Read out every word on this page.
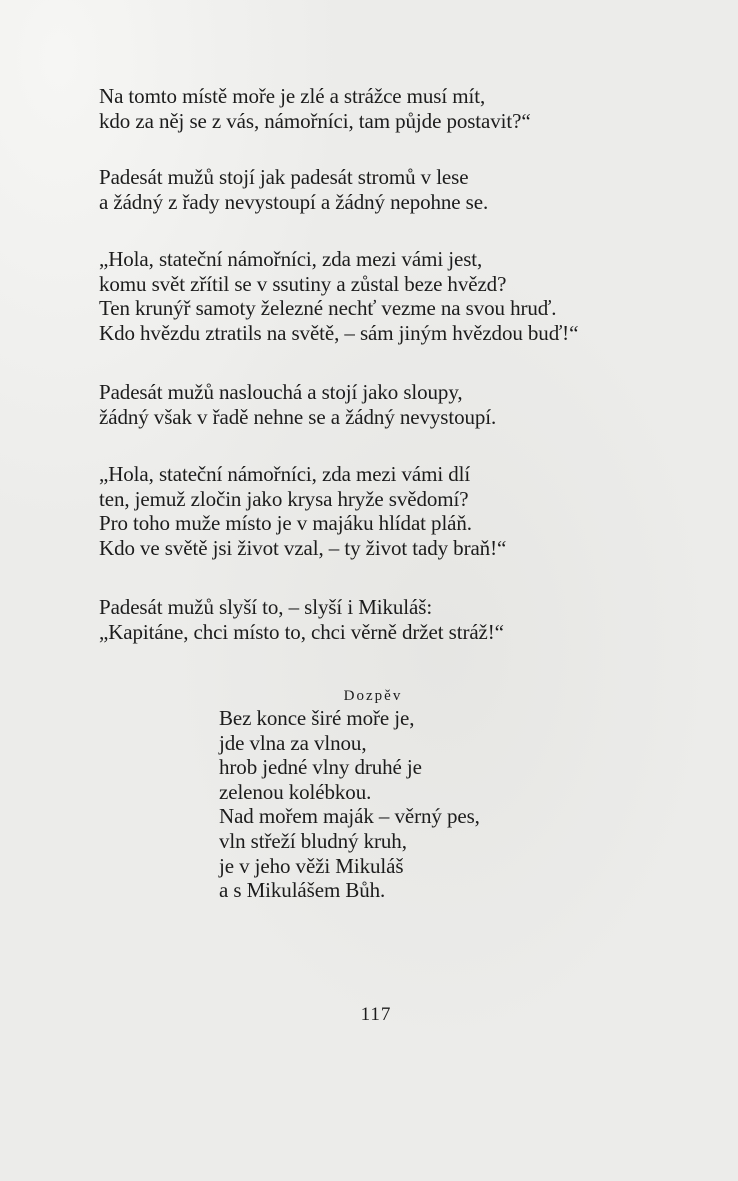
Na tomto místě moře je zlé a strážce musí mít,
kdo za něj se z vás, námořníci, tam půjde postavit?“
Padesát mužů stojí jak padesát stromů v lese
a žádný z řady nevystoupí a žádný nepohne se.
„Hola, stateční námořníci, zda mezi vámi jest,
komu svět zřítil se v ssutiny a zůstal beze hvězd?
Ten krunýř samoty železné nechť vezme na svou hruď.
Kdo hvězdu ztratils na světě, – sám jiným hvězdou buď!“
Padesát mužů naslouchá a stojí jako sloupy,
žádný však v řadě nehne se a žádný nevystoupí.
„Hola, stateční námořníci, zda mezi vámi dlí
ten, jemuž zločin jako krysa hryže svědomí?
Pro toho muže místo je v majáku hlídat pláň.
Kdo ve světě jsi život vzal, – ty život tady braň!“
Padesát mužů slyší to, – slyší i Mikuláš:
„Kapitáne, chci místo to, chci věrně držet stráž!“
Dozpěv
Bez konce širé moře je,
jde vlna za vlnou,
hrob jedné vlny druhé je
zelenou kolébkou.
Nad mořem maják – věrný pes,
vln střeží bludný kruh,
je v jeho věži Mikuláš
a s Mikulášem Bůh.
117
